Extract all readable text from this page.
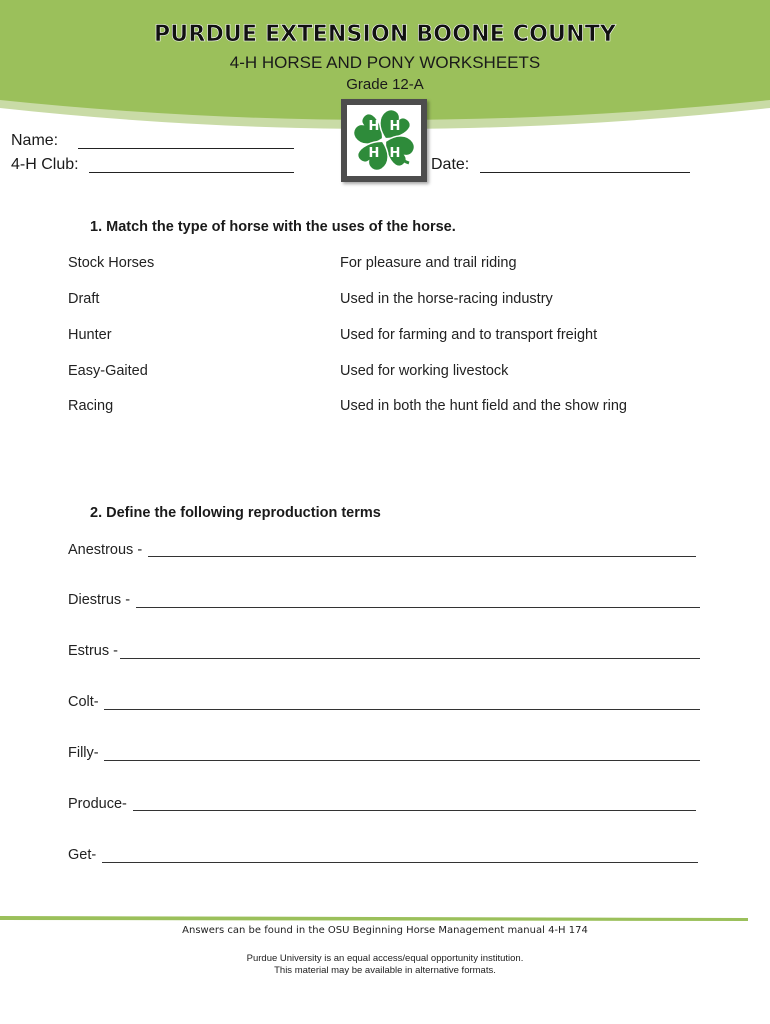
PURDUE EXTENSION BOONE COUNTY
4-H HORSE AND PONY WORKSHEETS
Grade 12-A
H H
H H
Name:
4-H Club:	Date:
1. Match the type of horse with the uses of the horse.
Stock Horses
Draft
Hunter
Easy-Gaited
Racing
For pleasure and trail riding
Used in the horse-racing industry
Used for farming and to transport freight
Used for working livestock
Used in both the hunt field and the show ring
2. Define the following reproduction terms
Anestrous -
Diestrus -
Estrus -
Colt-
Filly-
Produce-
Get-
Answers can be found in the OSU Beginning Horse Management manual 4-H 174
Purdue University is an equal access/equal opportunity institution.
This material may be available in alternative formats.
